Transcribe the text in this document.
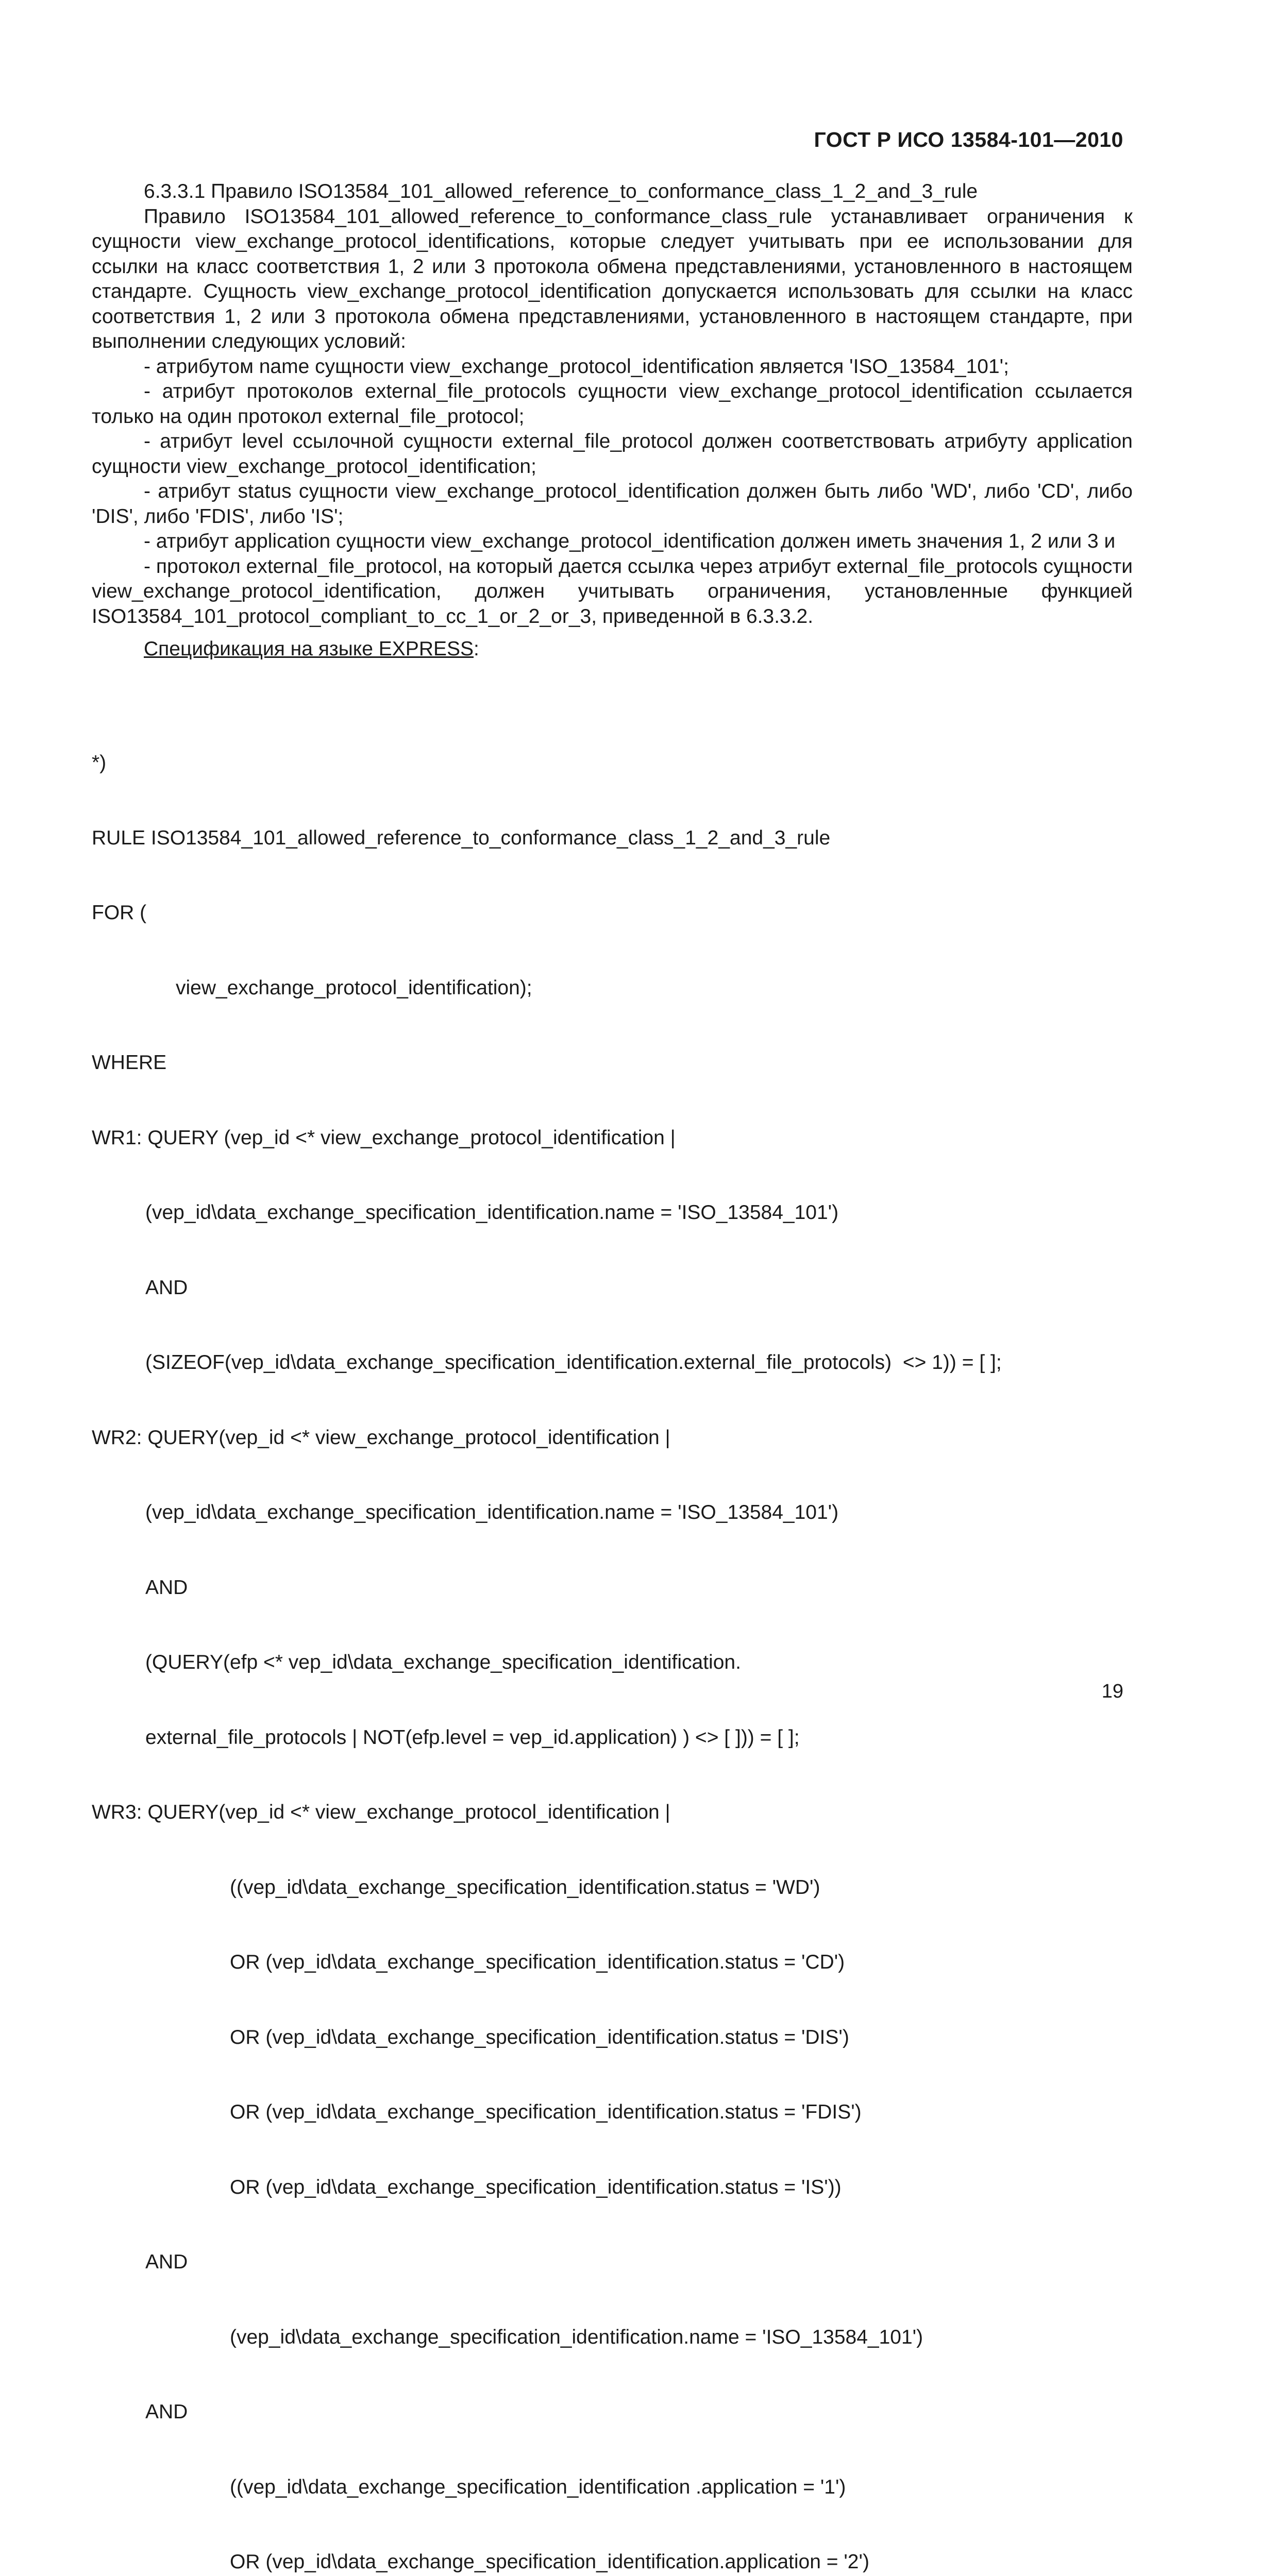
ГОСТ Р ИСО 13584-101—2010

6.3.3.1 Правило ISO13584_101_allowed_reference_to_conformance_class_1_2_and_3_rule

Правило ISO13584_101_allowed_reference_to_conformance_class_rule устанавливает ограничения к сущности view_exchange_protocol_identifications, которые следует учитывать при ее использовании для ссылки на класс соответствия 1, 2 или 3 протокола обмена представлениями, установленного в настоящем стандарте. Сущность view_exchange_protocol_identification допускается использовать для ссылки на класс соответствия 1, 2 или 3 протокола обмена представлениями, установленного в настоящем стандарте, при выполнении следующих условий:

- атрибутом name сущности view_exchange_protocol_identification является 'ISO_13584_101';

- атрибут протоколов external_file_protocols сущности view_exchange_protocol_identification ссылается только на один протокол external_file_protocol;

- атрибут level ссылочной сущности external_file_protocol должен соответствовать атрибуту application сущности view_exchange_protocol_identification;

- атрибут status сущности view_exchange_protocol_identification должен быть либо 'WD', либо 'CD', либо 'DIS', либо 'FDIS', либо 'IS';

- атрибут application сущности view_exchange_protocol_identification должен иметь значения 1, 2 или 3 и

- протокол external_file_protocol, на который дается ссылка через атрибут external_file_protocols сущности view_exchange_protocol_identification, должен учитывать ограничения, установленные функцией ISO13584_101_protocol_compliant_to_cc_1_or_2_or_3, приведенной в 6.3.3.2.

Спецификация на языке EXPRESS:

*)

RULE ISO13584_101_allowed_reference_to_conformance_class_1_2_and_3_rule

FOR (

view_exchange_protocol_identification);

WHERE

WR1: QUERY (vep_id <* view_exchange_protocol_identification |

(vep_id\data_exchange_specification_identification.name = 'ISO_13584_101')

AND

(SIZEOF(vep_id\data_exchange_specification_identification.external_file_protocols)  <> 1)) = [ ];

WR2: QUERY(vep_id <* view_exchange_protocol_identification |

(vep_id\data_exchange_specification_identification.name = 'ISO_13584_101')

AND

(QUERY(efp <* vep_id\data_exchange_specification_identification.

external_file_protocols | NOT(efp.level = vep_id.application) ) <> [ ])) = [ ];

WR3: QUERY(vep_id <* view_exchange_protocol_identification |

((vep_id\data_exchange_specification_identification.status = 'WD')

OR (vep_id\data_exchange_specification_identification.status = 'CD')

OR (vep_id\data_exchange_specification_identification.status = 'DIS')

OR (vep_id\data_exchange_specification_identification.status = 'FDIS')

OR (vep_id\data_exchange_specification_identification.status = 'IS'))

AND

(vep_id\data_exchange_specification_identification.name = 'ISO_13584_101')

AND

((vep_id\data_exchange_specification_identification .application = '1')

OR (vep_id\data_exchange_specification_identification.application = '2')

19
